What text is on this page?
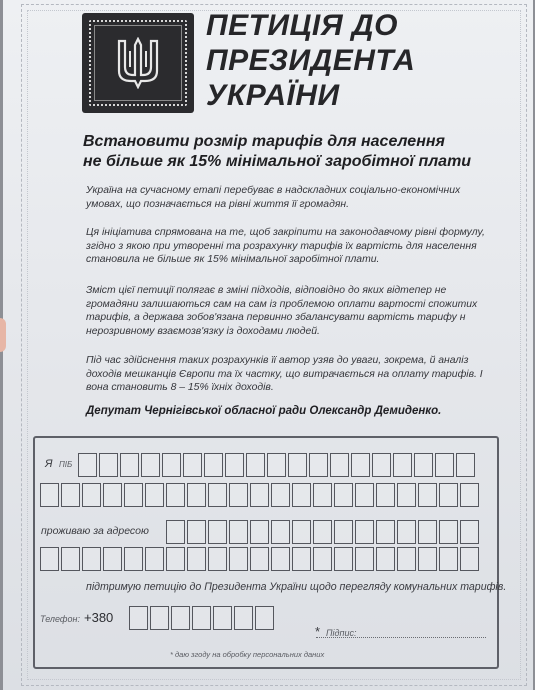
ПЕТИЦІЯ ДО
ПРЕЗИДЕНТА
УКРАЇНИ
Встановити розмір тарифів для населення
не більше як 15% мінімальної заробітної плати

Україна на сучасному етапі перебуває в надскладних соціально-економічних
умовах, що позначається на рівні життя її громадян.

Ця ініціатива спрямована на те, щоб закріпити на законодавчому рівні формулу,
згідно з якою при утворенні та розрахунку тарифів їх вартість для населення
становила не більше як 15% мінімальної заробітної плати.

Зміст цієї петиції полягає в зміні підходів, відповідно до яких відтепер не
громадяни залишаються сам на сам із проблемою оплати вартості спожитих
тарифів, а держава зобов'язана первинно збалансувати вартість тарифу н
нерозривному взаємозв'язку із доходами людей.

Під час здійснення таких розрахунків її автор узяв до уваги, зокрема, й аналіз
доходів мешканців Європи та їх частку, що витрачається на оплату тарифів. І
вона становить 8 – 15% їхніх доходів.

Депутат Чернігівської обласної ради Олександр Демиденко.

Я ПІБ
проживаю за адресою
підтримую петицію до Президента України щодо перегляду комунальних тарифів.
Телефон: +380
* Підпис:
* даю згоду на обробку персональних даних
